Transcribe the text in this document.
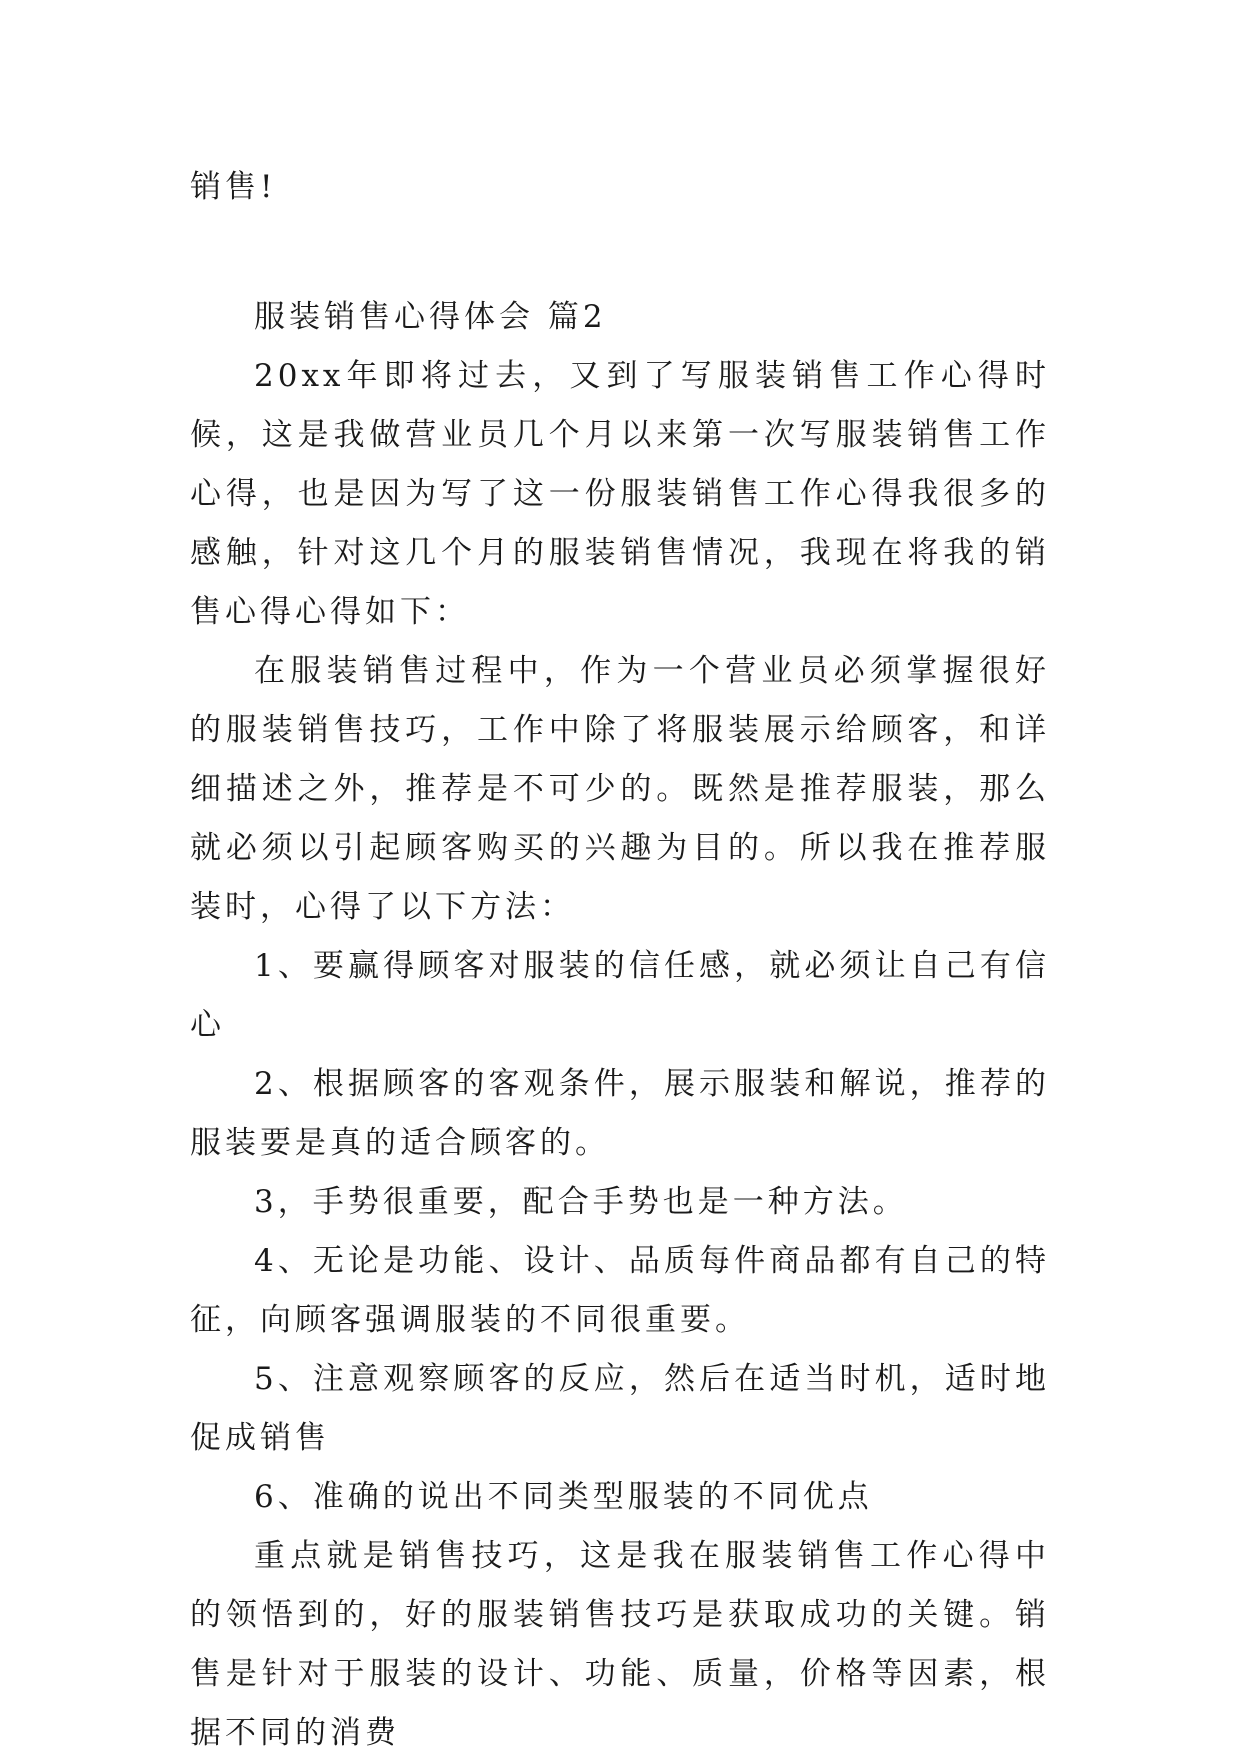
销售!

服装销售心得体会 篇2

20xx年即将过去，又到了写服装销售工作心得时候，这是我做营业员几个月以来第一次写服装销售工作心得，也是因为写了这一份服装销售工作心得我很多的感触，针对这几个月的服装销售情况，我现在将我的销售心得心得如下：

在服装销售过程中，作为一个营业员必须掌握很好的服装销售技巧，工作中除了将服装展示给顾客，和详细描述之外，推荐是不可少的。既然是推荐服装，那么就必须以引起顾客购买的兴趣为目的。所以我在推荐服装时，心得了以下方法：

1、要赢得顾客对服装的信任感，就必须让自己有信心

2、根据顾客的客观条件，展示服装和解说，推荐的服装要是真的适合顾客的。

3，手势很重要，配合手势也是一种方法。

4、无论是功能、设计、品质每件商品都有自己的特征，向顾客强调服装的不同很重要。

5、注意观察顾客的反应，然后在适当时机，适时地促成销售

6、准确的说出不同类型服装的不同优点

重点就是销售技巧，这是我在服装销售工作心得中的领悟到的，好的服装销售技巧是获取成功的关键。销售是针对于服装的设计、功能、质量，价格等因素，根据不同的消费
